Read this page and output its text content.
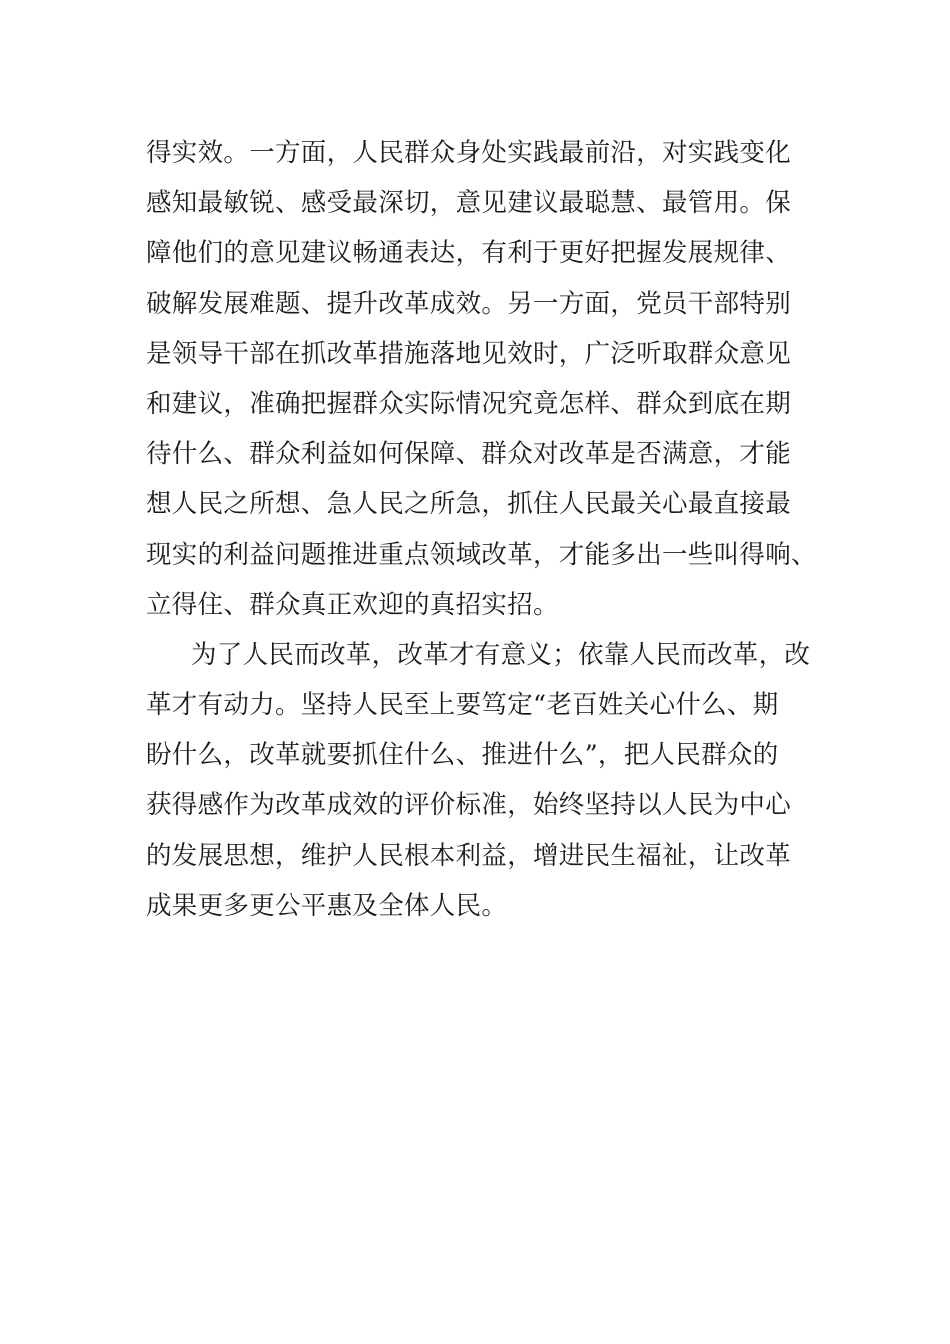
得实效。一方面，人民群众身处实践最前沿，对实践变化
感知最敏锐、感受最深切，意见建议最聪慧、最管用。保
障他们的意见建议畅通表达，有利于更好把握发展规律、
破解发展难题、提升改革成效。另一方面，党员干部特别
是领导干部在抓改革措施落地见效时，广泛听取群众意见
和建议，准确把握群众实际情况究竟怎样、群众到底在期
待什么、群众利益如何保障、群众对改革是否满意，才能
想人民之所想、急人民之所急，抓住人民最关心最直接最
现实的利益问题推进重点领域改革，才能多出一些叫得响、
立得住、群众真正欢迎的真招实招。
为了人民而改革，改革才有意义；依靠人民而改革，改
革才有动力。坚持人民至上要笃定“老百姓关心什么、期
盼什么，改革就要抓住什么、推进什么”，把人民群众的
获得感作为改革成效的评价标准，始终坚持以人民为中心
的发展思想，维护人民根本利益，增进民生福祉，让改革
成果更多更公平惠及全体人民。
